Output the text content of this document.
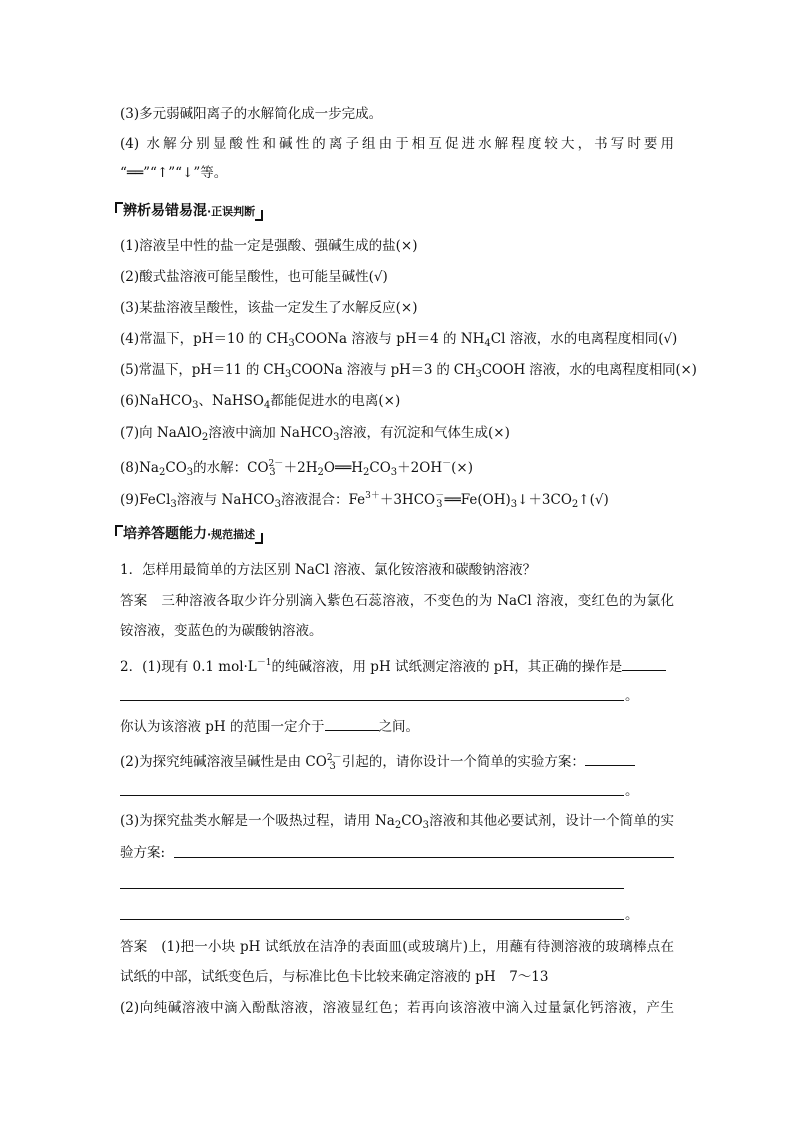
(3)多元弱碱阳离子的水解简化成一步完成。
(4) 水解分别显酸性和碱性的离子组由于相互促进水解程度较大，书写时要用
“══”“↑”“↓”等。
辨析易错易混·正误判断
(1)溶液呈中性的盐一定是强酸、强碱生成的盐(×)
(2)酸式盐溶液可能呈酸性，也可能呈碱性(√)
(3)某盐溶液呈酸性，该盐一定发生了水解反应(×)
(4)常温下，pH＝10 的 $CH_3COONa$ 溶液与 pH＝4 的 $NH_4Cl$ 溶液，水的电离程度相同(√)
(5)常温下，pH＝11 的 $CH_3COONa$ 溶液与 pH＝3 的 $CH_3COOH$ 溶液，水的电离程度相同(×)
(6)NaHCO$_3$、NaHSO$_4$都能促进水的电离(×)
(7)向 NaAlO$_2$溶液中滴加 NaHCO$_3$溶液，有沉淀和气体生成(×)
$(8)Na_2CO_3$的水解：$CO^{2-}_3$ $+2H_2O══H_2CO_3+2OH^-(\times)$
(9)FeCl$_3$溶液与 NaHCO$_3$溶液混合：$Fe^{3+}+3HCO^-_3$ $══Fe(OH)_3↓+3CO_2↑(√)$
培养答题能力·规范描述
1．怎样用最简单的方法区别 NaCl 溶液、氯化铵溶液和碳酸钠溶液？
答案　三种溶液各取少许分别滴入紫色石蕊溶液，不变色的为 NaCl 溶液，变红色的为氯化
铵溶液，变蓝色的为碳酸钠溶液。
2．(1)现有 0.1 $mol\cdot L^{-1}$的纯碱溶液，用 pH 试纸测定溶液的 pH，其正确的操作是
。
你认为该溶液 pH 的范围一定介于	之间。
(2)为探究纯碱溶液呈碱性是由 $CO^{2-}_3$ 引起的，请你设计一个简单的实验方案：
。
(3)为探究盐类水解是一个吸热过程，请用 $Na_2CO_3$溶液和其他必要试剂，设计一个简单的实
验方案:
。
答案　(1)把一小块 pH 试纸放在洁净的表面皿(或玻璃片)上，用蘸有待测溶液的玻璃棒点在
试纸的中部，试纸变色后，与标准比色卡比较来确定溶液的 pH　7～13
(2)向纯碱溶液中滴入酚酞溶液，溶液显红色；若再向该溶液中滴入过量氯化钙溶液，产生
